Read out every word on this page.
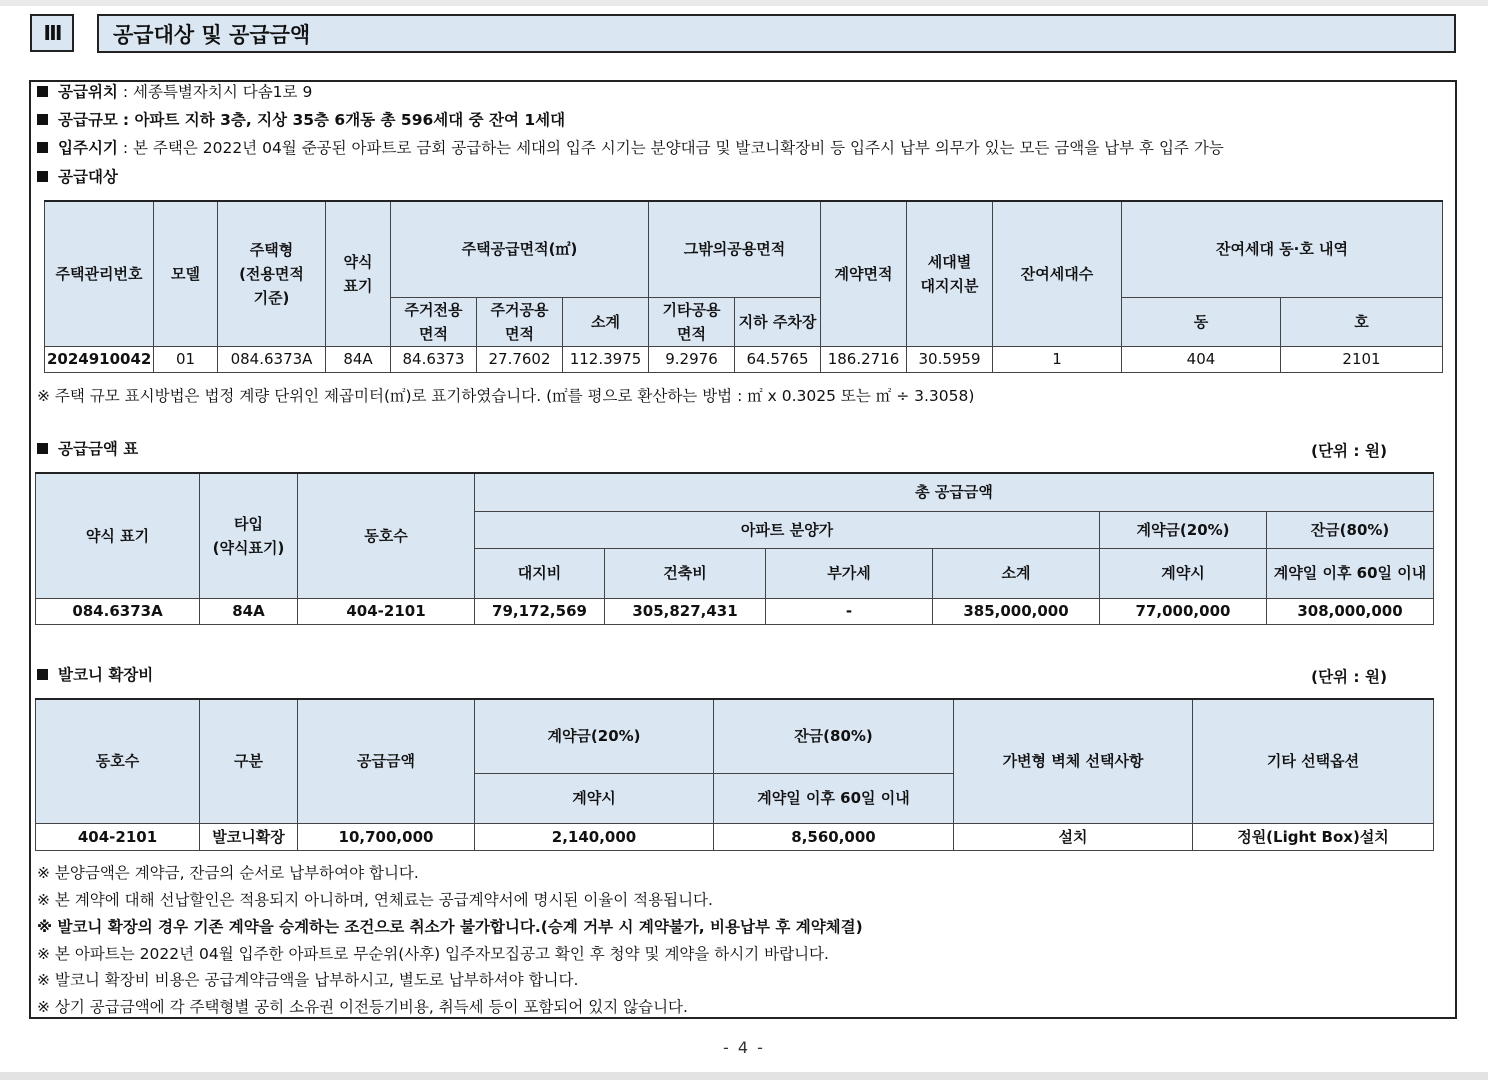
Ⅲ	공급대상 및 공급금액
공급위치 : 세종특별자치시 다솜1로 9
공급규모 : 아파트 지하 3층, 지상 35층 6개동 총 596세대 중 잔여 1세대
입주시기 : 본 주택은 2022년 04월 준공된 아파트로 금회 공급하는 세대의 입주 시기는 분양대금 및 발코니확장비 등 입주시 납부 의무가 있는 모든 금액을 납부 후 입주 가능
공급대상
주택관리번호	모델	주택형 (전용면적 기준)	약식 표기	주택공급면적(㎡)			그밖의공용면적		계약면적	세대별 대지지분	잔여세대수	잔여세대 동·호 내역	
				주거전용 면적	주거공용 면적	소계	기타공용 면적	지하 주차장				동	호
2024910042	01	084.6373A	84A	84.6373	27.7602	112.3975	9.2976	64.5765	186.2716	30.5959	1	404	2101
※ 주택 규모 표시방법은 법정 계량 단위인 제곱미터(㎡)로 표기하였습니다. (㎡를 평으로 환산하는 방법 : ㎡ x 0.3025 또는 ㎡ ÷ 3.3058)
공급금액 표	(단위 : 원)
약식 표기	타입 (약식표기)	동호수	총 공급금액					
			아파트 분양가				계약금(20%)	잔금(80%)
			대지비	건축비	부가세	소계	계약시	계약일 이후 60일 이내
084.6373A	84A	404-2101	79,172,569	305,827,431	-	385,000,000	77,000,000	308,000,000
발코니 확장비	(단위 : 원)
동호수	구분	공급금액	계약금(20%)	잔금(80%)	가변형 벽체 선택사항	기타 선택옵션
			계약시	계약일 이후 60일 이내		
404-2101	발코니확장	10,700,000	2,140,000	8,560,000	설치	정원(Light Box)설치
※ 분양금액은 계약금, 잔금의 순서로 납부하여야 합니다.
※ 본 계약에 대해 선납할인은 적용되지 아니하며, 연체료는 공급계약서에 명시된 이율이 적용됩니다.
※ 발코니 확장의 경우 기존 계약을 승계하는 조건으로 취소가 불가합니다.(승계 거부 시 계약불가, 비용납부 후 계약체결)
※ 본 아파트는 2022년 04월 입주한 아파트로 무순위(사후) 입주자모집공고 확인 후 청약 및 계약을 하시기 바랍니다.
※ 발코니 확장비 비용은 공급계약금액을 납부하시고, 별도로 납부하셔야 합니다.
※ 상기 공급금액에 각 주택형별 공히 소유권 이전등기비용, 취득세 등이 포함되어 있지 않습니다.
- 4 -
